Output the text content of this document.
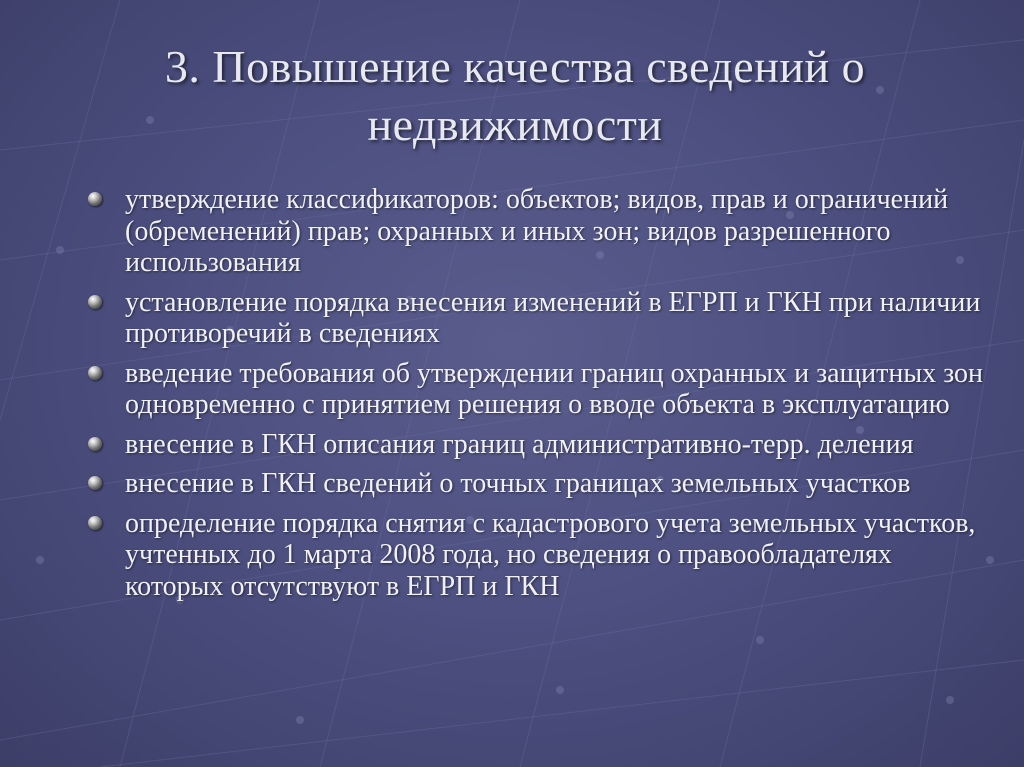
3. Повышение качества сведений о недвижимости
утверждение классификаторов: объектов; видов, прав и ограничений (обременений) прав; охранных и иных зон; видов разрешенного использования
установление порядка внесения изменений в ЕГРП и ГКН при наличии противоречий в сведениях
введение требования об утверждении границ охранных и защитных зон одновременно с принятием решения о вводе объекта в эксплуатацию
внесение в ГКН описания границ административно-терр. деления
внесение в ГКН сведений о точных границах земельных участков
определение порядка снятия с кадастрового учета земельных участков, учтенных до 1 марта 2008 года, но сведения о правообладателях которых отсутствуют в ЕГРП и ГКН
